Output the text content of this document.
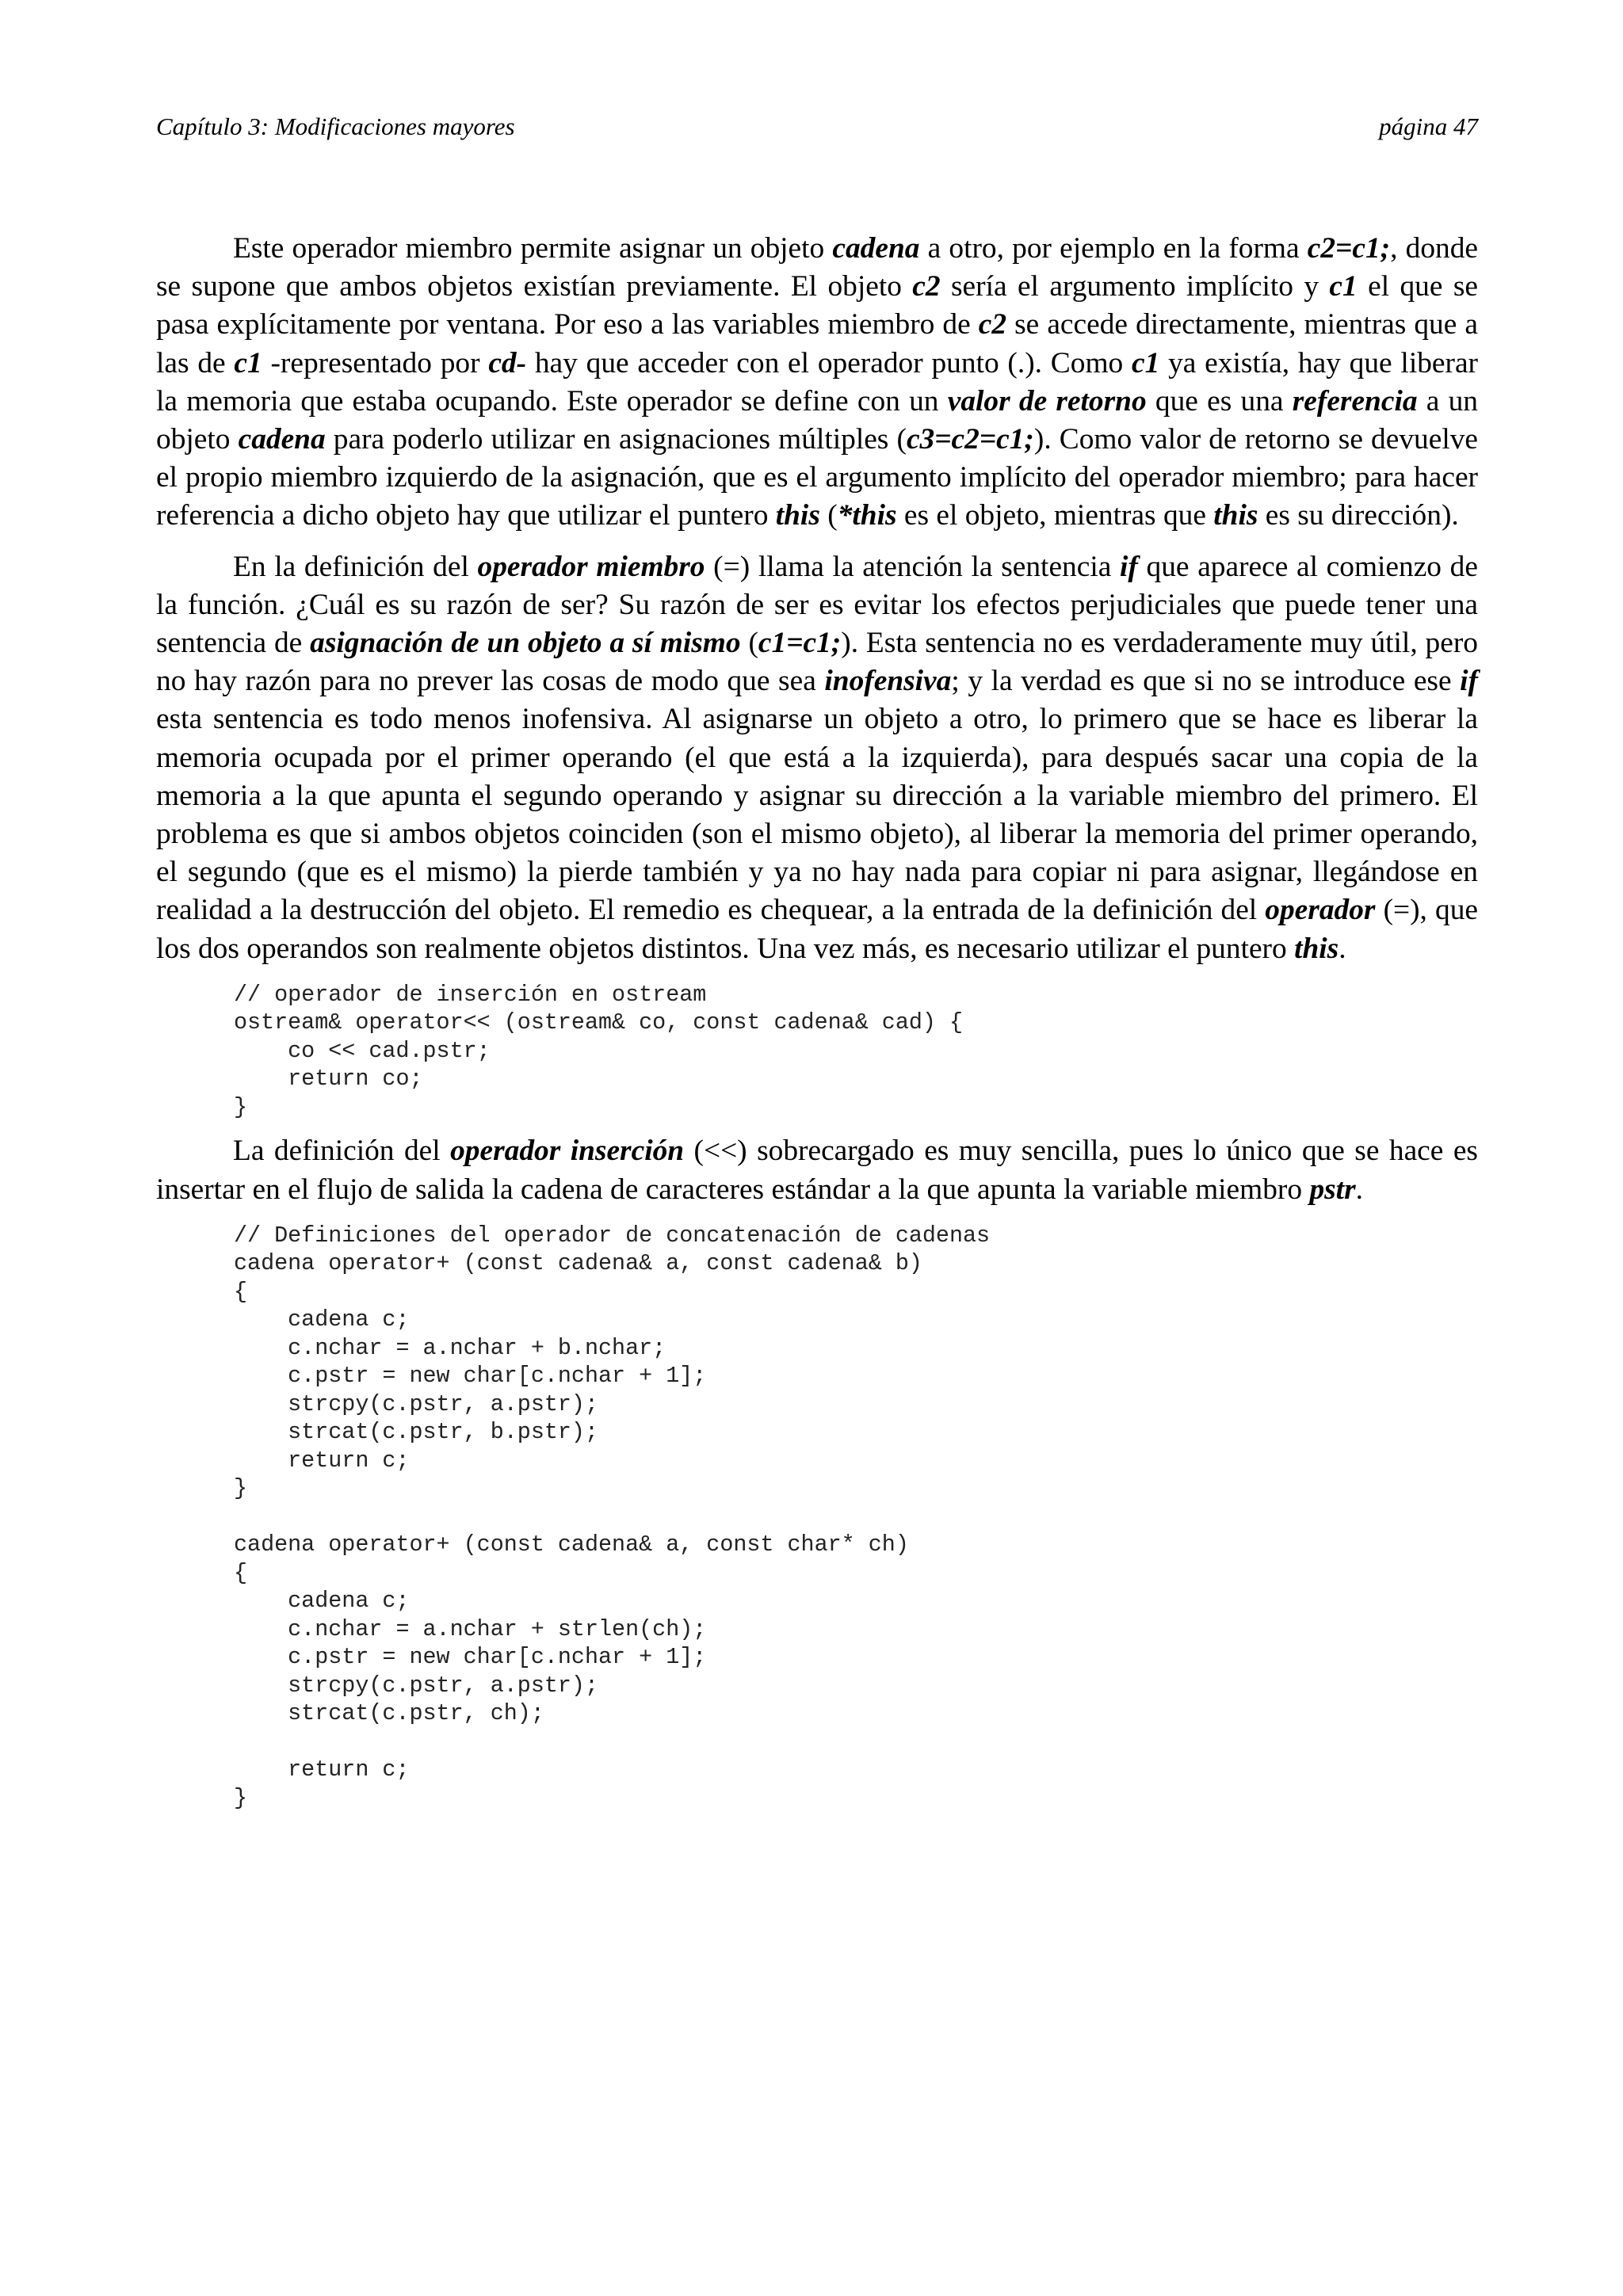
Capítulo 3: Modificaciones mayores	página 47

Este operador miembro permite asignar un objeto cadena a otro, por ejemplo en la forma c2=c1;, donde se supone que ambos objetos existían previamente. El objeto c2 sería el argumento implícito y c1 el que se pasa explícitamente por ventana. Por eso a las variables miembro de c2 se accede directamente, mientras que a las de c1 -representado por cd- hay que acceder con el operador punto (.). Como c1 ya existía, hay que liberar la memoria que estaba ocupando. Este operador se define con un valor de retorno que es una referencia a un objeto cadena para poderlo utilizar en asignaciones múltiples (c3=c2=c1;). Como valor de retorno se devuelve el propio miembro izquierdo de la asignación, que es el argumento implícito del operador miembro; para hacer referencia a dicho objeto hay que utilizar el puntero this (*this es el objeto, mientras que this es su dirección).

En la definición del operador miembro (=) llama la atención la sentencia if que aparece al comienzo de la función. ¿Cuál es su razón de ser? Su razón de ser es evitar los efectos perjudiciales que puede tener una sentencia de asignación de un objeto a sí mismo (c1=c1;). Esta sentencia no es verdaderamente muy útil, pero no hay razón para no prever las cosas de modo que sea inofensiva; y la verdad es que si no se introduce ese if esta sentencia es todo menos inofensiva. Al asignarse un objeto a otro, lo primero que se hace es liberar la memoria ocupada por el primer operando (el que está a la izquierda), para después sacar una copia de la memoria a la que apunta el segundo operando y asignar su dirección a la variable miembro del primero. El problema es que si ambos objetos coinciden (son el mismo objeto), al liberar la memoria del primer operando, el segundo (que es el mismo) la pierde también y ya no hay nada para copiar ni para asignar, llegándose en realidad a la destrucción del objeto. El remedio es chequear, a la entrada de la definición del operador (=), que los dos operandos son realmente objetos distintos. Una vez más, es necesario utilizar el puntero this.

// operador de inserción en ostream
ostream& operator<< (ostream& co, const cadena& cad) {
co << cad.pstr;
return co;
}

La definición del operador inserción (<<) sobrecargado es muy sencilla, pues lo único que se hace es insertar en el flujo de salida la cadena de caracteres estándar a la que apunta la variable miembro pstr.

// Definiciones del operador de concatenación de cadenas
cadena operator+ (const cadena& a, const cadena& b)
{
cadena c;
c.nchar = a.nchar + b.nchar;
c.pstr = new char[c.nchar + 1];
strcpy(c.pstr, a.pstr);
strcat(c.pstr, b.pstr);
return c;
}

cadena operator+ (const cadena& a, const char* ch)
{
cadena c;
c.nchar = a.nchar + strlen(ch);
c.pstr = new char[c.nchar + 1];
strcpy(c.pstr, a.pstr);
strcat(c.pstr, ch);

return c;
}
